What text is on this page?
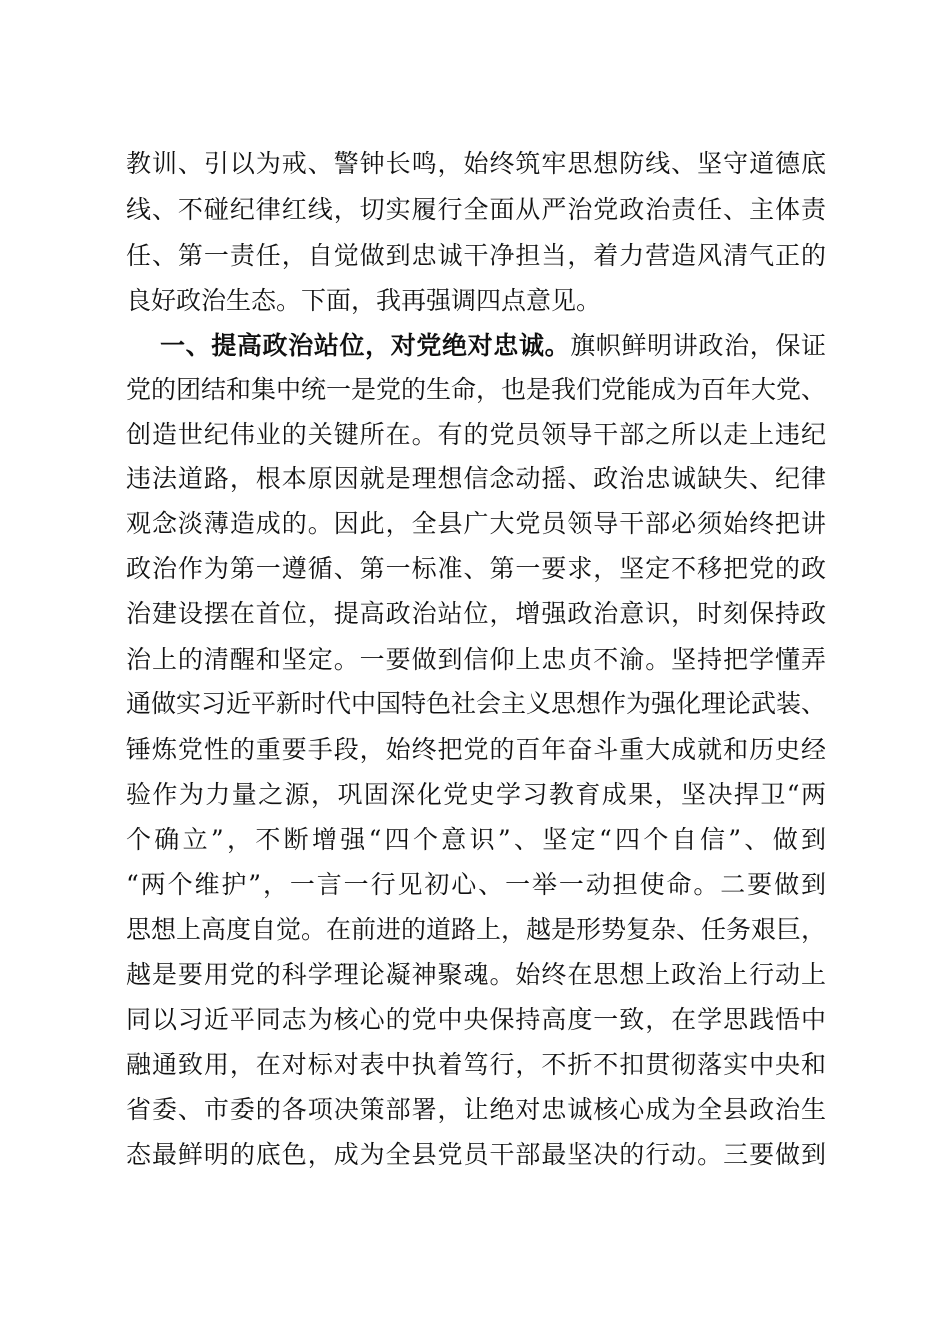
教训、引以为戒、警钟长鸣，始终筑牢思想防线、坚守道德底
线、不碰纪律红线，切实履行全面从严治党政治责任、主体责
任、第一责任，自觉做到忠诚干净担当，着力营造风清气正的
良好政治生态。下面，我再强调四点意见。
一、提高政治站位，对党绝对忠诚。旗帜鲜明讲政治，保证
党的团结和集中统一是党的生命，也是我们党能成为百年大党、
创造世纪伟业的关键所在。有的党员领导干部之所以走上违纪
违法道路，根本原因就是理想信念动摇、政治忠诚缺失、纪律
观念淡薄造成的。因此，全县广大党员领导干部必须始终把讲
政治作为第一遵循、第一标准、第一要求，坚定不移把党的政
治建设摆在首位，提高政治站位，增强政治意识，时刻保持政
治上的清醒和坚定。一要做到信仰上忠贞不渝。坚持把学懂弄
通做实习近平新时代中国特色社会主义思想作为强化理论武装、
锤炼党性的重要手段，始终把党的百年奋斗重大成就和历史经
验作为力量之源，巩固深化党史学习教育成果，坚决捍卫“两
个确立”，不断增强“四个意识”、坚定“四个自信”、做到
“两个维护”，一言一行见初心、一举一动担使命。二要做到
思想上高度自觉。在前进的道路上，越是形势复杂、任务艰巨，
越是要用党的科学理论凝神聚魂。始终在思想上政治上行动上
同以习近平同志为核心的党中央保持高度一致，在学思践悟中
融通致用，在对标对表中执着笃行，不折不扣贯彻落实中央和
省委、市委的各项决策部署，让绝对忠诚核心成为全县政治生
态最鲜明的底色，成为全县党员干部最坚决的行动。三要做到
